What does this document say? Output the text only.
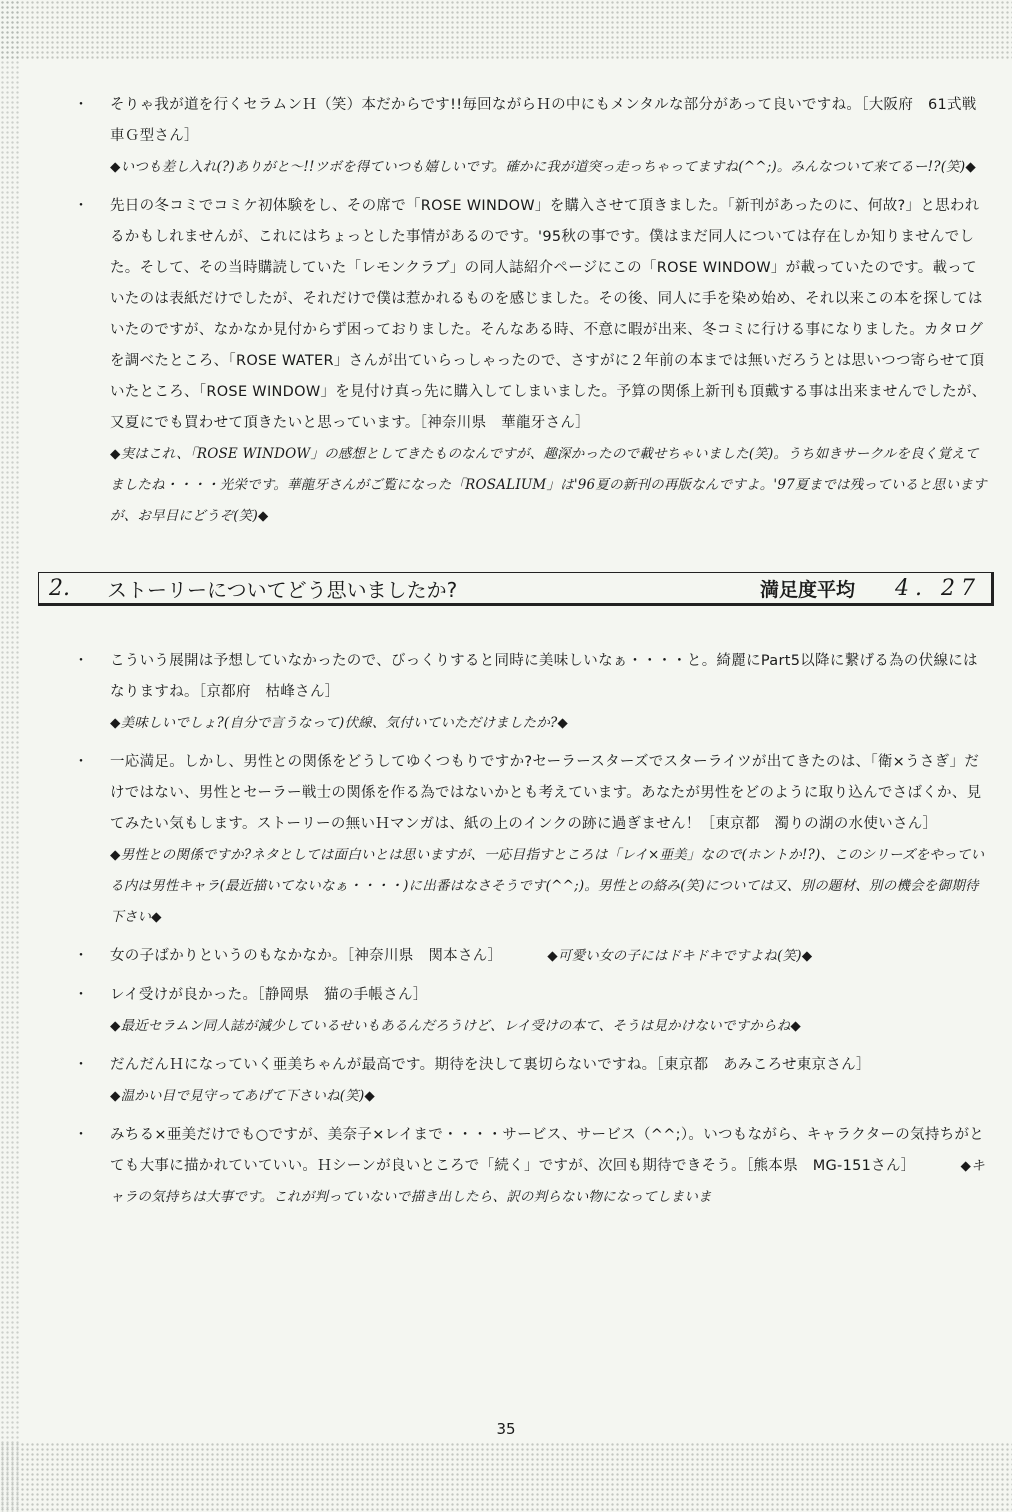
・ そりゃ我が道を行くセラムンＨ（笑）本だからです!!毎回ながらＨの中にもメンタルな部分があって良いですね。［大阪府　61式戦車Ｇ型さん］
◆いつも差し入れ(?)ありがと～!!ツボを得ていつも嬉しいです。確かに我が道突っ走っちゃってますね(^^;)。みんなついて来てるー!?(笑)◆
・ 先日の冬コミでコミケ初体験をし、その席で「ROSE WINDOW」を購入させて頂きました。「新刊があったのに、何故?」と思われるかもしれませんが、これにはちょっとした事情があるのです。'95秋の事です。僕はまだ同人については存在しか知りませんでした。そして、その当時購読していた「レモンクラブ」の同人誌紹介ページにこの「ROSE WINDOW」が載っていたのです。載っていたのは表紙だけでしたが、それだけで僕は惹かれるものを感じました。その後、同人に手を染め始め、それ以来この本を探してはいたのですが、なかなか見付からず困っておりました。そんなある時、不意に暇が出来、冬コミに行ける事になりました。カタログを調べたところ、「ROSE WATER」さんが出ていらっしゃったので、さすがに２年前の本までは無いだろうとは思いつつ寄らせて頂いたところ、「ROSE WINDOW」を見付け真っ先に購入してしまいました。予算の関係上新刊も頂戴する事は出来ませんでしたが、又夏にでも買わせて頂きたいと思っています。［神奈川県　華龍牙さん］
◆実はこれ、「ROSE WINDOW」の感想としてきたものなんですが、趣深かったので載せちゃいました(笑)。うち如きサークルを良く覚えてましたね・・・・光栄です。華龍牙さんがご覧になった「ROSALIUM」は'96夏の新刊の再版なんですよ。'97夏までは残っていると思いますが、お早目にどうぞ(笑)◆
2.	ストーリーについてどう思いましたか?	満足度平均 4. 27
・ こういう展開は予想していなかったので、びっくりすると同時に美味しいなぁ・・・・と。綺麗にPart5以降に繋げる為の伏線にはなりますね。［京都府　枯峰さん］
◆美味しいでしょ?(自分で言うなって)伏線、気付いていただけましたか?◆
・ 一応満足。しかし、男性との関係をどうしてゆくつもりですか?セーラースターズでスターライツが出てきたのは、「衛×うさぎ」だけではない、男性とセーラー戦士の関係を作る為ではないかとも考えています。あなたが男性をどのように取り込んでさばくか、見てみたい気もします。ストーリーの無いＨマンガは、紙の上のインクの跡に過ぎません！［東京都　濁りの湖の水使いさん］
◆男性との関係ですか?ネタとしては面白いとは思いますが、一応目指すところは「レイ×亜美」なので(ホントか!?)、このシリーズをやっている内は男性キャラ(最近描いてないなぁ・・・・)に出番はなさそうです(^^;)。男性との絡み(笑)については又、別の題材、別の機会を御期待下さい◆
・ 女の子ばかりというのもなかなか。［神奈川県　関本さん］	◆可愛い女の子にはドキドキですよね(笑)◆
・ レイ受けが良かった。［静岡県　猫の手帳さん］
◆最近セラムン同人誌が減少しているせいもあるんだろうけど、レイ受けの本て、そうは見かけないですからね◆
・ だんだんＨになっていく亜美ちゃんが最高です。期待を決して裏切らないですね。［東京都　あみころせ東京さん］
◆温かい目で見守ってあげて下さいね(笑)◆
・ みちる×亜美だけでも○ですが、美奈子×レイまで・・・・サービス、サービス（^^;）。いつもながら、キャラクターの気持ちがとても大事に描かれていていい。Ｈシーンが良いところで「続く」ですが、次回も期待できそう。［熊本県　MG-151さん］	◆キャラの気持ちは大事です。これが判っていないで描き出したら、訳の判らない物になってしまいま
35
